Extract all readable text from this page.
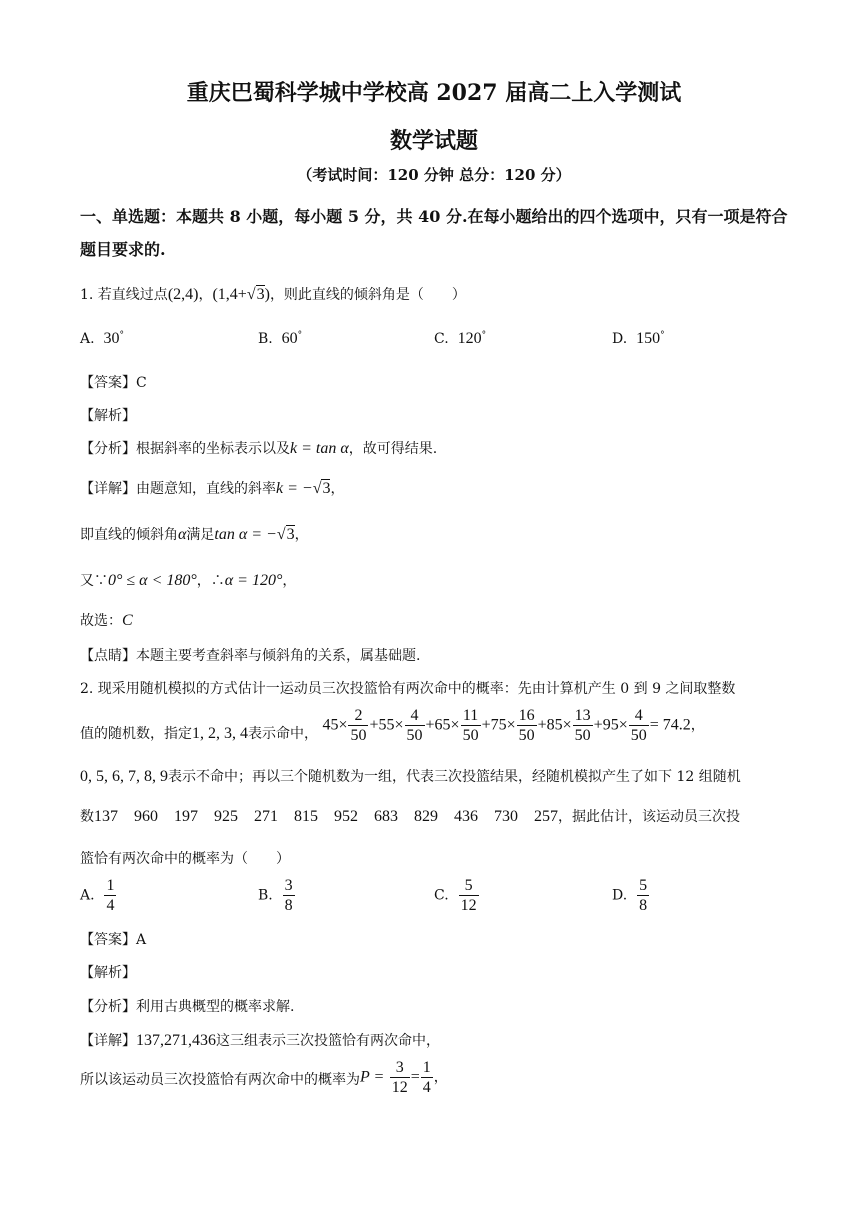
重庆巴蜀科学城中学校高 2027 届高二上入学测试
数学试题
（考试时间：120 分钟 总分：120 分）
一、单选题：本题共 8 小题，每小题 5 分，共 40 分.在每小题给出的四个选项中，只有一项是符合题目要求的.
1. 若直线过点(2,4)，(1,4+√3)，则此直线的倾斜角是（　　）
A. 30°	B. 60°	C. 120°	D. 150°
【答案】C
【解析】
【分析】根据斜率的坐标表示以及k = tan α，故可得结果.
【详解】由题意知，直线的斜率k = −√3，
即直线的倾斜角α满足tan α = −√3，
又∵0° ≤ α < 180°，∴α = 120°，
故选：C
【点睛】本题主要考查斜率与倾斜角的关系，属基础题.
2. 现采用随机模拟的方式估计一运动员三次投篮恰有两次命中的概率：先由计算机产生 0 到 9 之间取整数
值的随机数，指定1, 2, 3, 4表示命中， $45\times \frac{2}{50} +55\times \frac{4}{50} +65\times \frac{11}{50} +75\times \frac{16}{50} +85\times \frac{13}{50} +95\times \frac{4}{50} = 74.2$，
0, 5, 6, 7, 8, 9表示不命中；再以三个随机数为一组，代表三次投篮结果，经随机模拟产生了如下 12 组随机
数137 960 197 925 271 815 952 683 829 436 730 257，据此估计，该运动员三次投
篮恰有两次命中的概率为（　　）
A. $\frac{1}{4}$	B. $\frac{3}{8}$	C. $\frac{5}{12}$	D. $\frac{5}{8}$
【答案】A
【解析】
【分析】利用古典概型的概率求解.
【详解】137,271,436这三组表示三次投篮恰有两次命中，
所以该运动员三次投篮恰有两次命中的概率为$P = \frac{3}{12} = \frac{1}{4}$ ，
